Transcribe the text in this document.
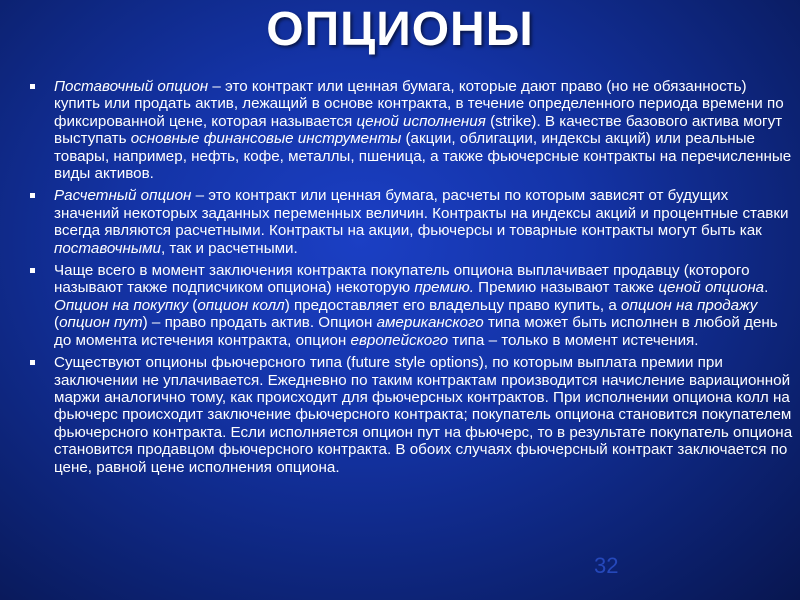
ОПЦИОНЫ
Поставочный опцион – это контракт или ценная бумага, которые дают право (но не обязанность) купить или продать актив, лежащий в основе контракта, в течение определенного периода времени по фиксированной цене, которая называется ценой исполнения (strike). В качестве базового актива могут выступать основные финансовые инструменты (акции, облигации, индексы акций) или реальные товары, например, нефть, кофе, металлы, пшеница, а также фьючерсные контракты на перечисленные виды активов.
Расчетный опцион – это контракт или ценная бумага, расчеты по которым зависят от будущих значений некоторых заданных переменных величин. Контракты на индексы акций и процентные ставки всегда являются расчетными. Контракты на акции, фьючерсы и товарные контракты могут быть как поставочными, так и расчетными.
Чаще всего в момент заключения контракта покупатель опциона выплачивает продавцу (которого называют также подписчиком опциона) некоторую премию. Премию называют также ценой опциона. Опцион на покупку (опцион колл) предоставляет его владельцу право купить, а опцион на продажу (опцион пут) – право продать актив. Опцион американского типа может быть исполнен в любой день до момента истечения контракта, опцион европейского типа – только в момент истечения.
Существуют опционы фьючерсного типа (future style options), по которым выплата премии при заключении не уплачивается. Ежедневно по таким контрактам производится начисление вариационной маржи аналогично тому, как происходит для фьючерсных контрактов. При исполнении опциона колл на фьючерс происходит заключение фьючерсного контракта; покупатель опциона становится покупателем фьючерсного контракта. Если исполняется опцион пут на фьючерс, то в результате покупатель опциона становится продавцом фьючерсного контракта. В обоих случаях фьючерсный контракт заключается по цене, равной цене исполнения опциона.
32
